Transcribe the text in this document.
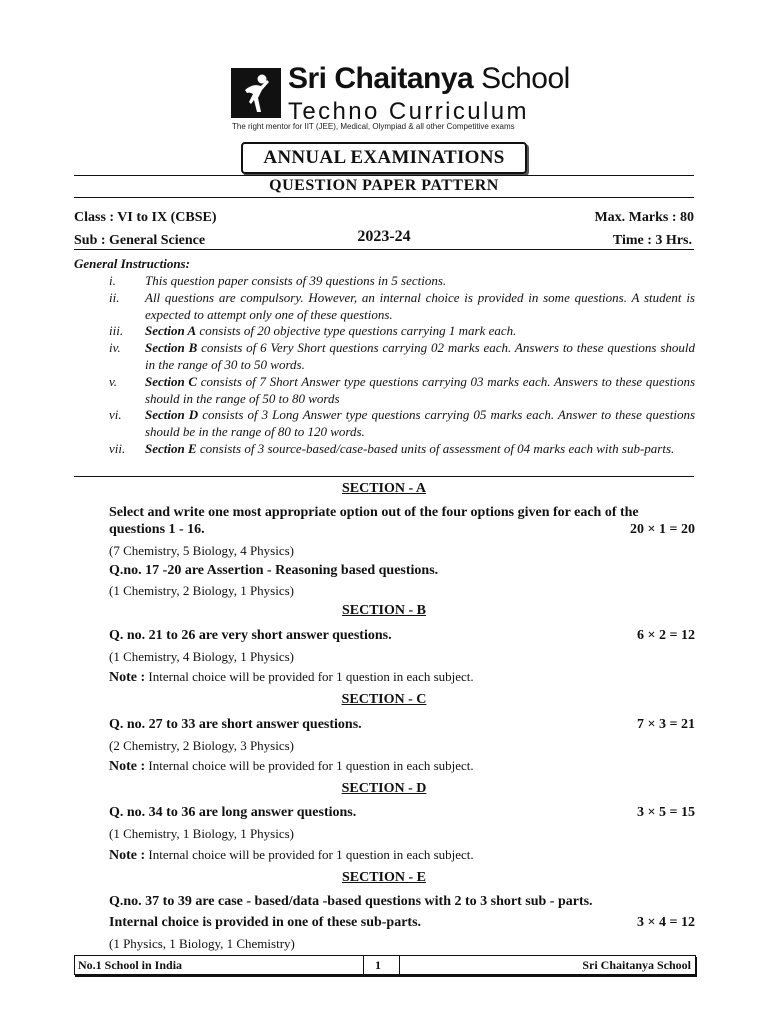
Sri Chaitanya School
Techno Curriculum
The right mentor for IIT (JEE), Medical, Olympiad & all other Competitive exams
ANNUAL EXAMINATIONS
QUESTION PAPER PATTERN
Class : VI to IX (CBSE)	Max. Marks : 80
Sub : General Science	2023-24	Time : 3 Hrs.
General Instructions:
i.	This question paper consists of 39 questions in 5 sections.
ii.	All questions are compulsory. However, an internal choice is provided in some questions. A student is expected to attempt only one of these questions.
iii.	Section A consists of 20 objective type questions carrying 1 mark each.
iv.	Section B consists of 6 Very Short questions carrying 02 marks each. Answers to these questions should in the range of 30 to 50 words.
v.	Section C consists of 7 Short Answer type questions carrying 03 marks each. Answers to these questions should in the range of 50 to 80 words
vi.	Section D consists of 3 Long Answer type questions carrying 05 marks each. Answer to these questions should be in the range of 80 to 120 words.
vii.	Section E consists of 3 source-based/case-based units of assessment of 04 marks each with sub-parts.
SECTION - A
Select and write one most appropriate option out of the four options given for each of the
questions 1 - 16.	20 × 1 = 20
(7 Chemistry, 5 Biology, 4 Physics)
Q.no. 17 -20 are Assertion - Reasoning based questions.
(1 Chemistry, 2 Biology, 1 Physics)
SECTION - B
Q. no. 21 to 26 are very short answer questions.	6 × 2 = 12
(1 Chemistry, 4 Biology, 1 Physics)
Note : Internal choice will be provided for 1 question in each subject.
SECTION - C
Q. no. 27 to 33 are short answer questions.	7 × 3 = 21
(2 Chemistry, 2 Biology, 3 Physics)
Note : Internal choice will be provided for 1 question in each subject.
SECTION - D
Q. no. 34 to 36 are long answer questions.	3 × 5 = 15
(1 Chemistry, 1 Biology, 1 Physics)
Note : Internal choice will be provided for 1 question in each subject.
SECTION - E
Q.no. 37 to 39 are case - based/data -based questions with 2 to 3 short sub - parts.
Internal choice is provided in one of these sub-parts.	3 × 4 = 12
(1 Physics, 1 Biology, 1 Chemistry)
No.1 School in India	1	Sri Chaitanya School
